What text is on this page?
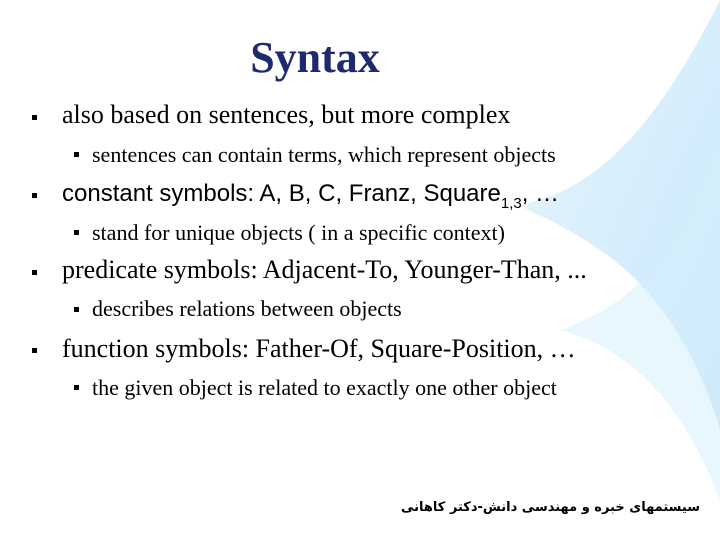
Syntax
also based on sentences, but more complex
sentences can contain terms, which represent objects
constant symbols: A, B, C, Franz, Square$_{1,3}$, …
stand for unique objects ( in a specific context)
predicate symbols: Adjacent-To, Younger-Than, ...
describes relations between objects
function symbols: Father-Of, Square-Position, …
the given object is related to exactly one other object
سيستمهای خبره و مهندسی دانش-دکتر کاهانی
